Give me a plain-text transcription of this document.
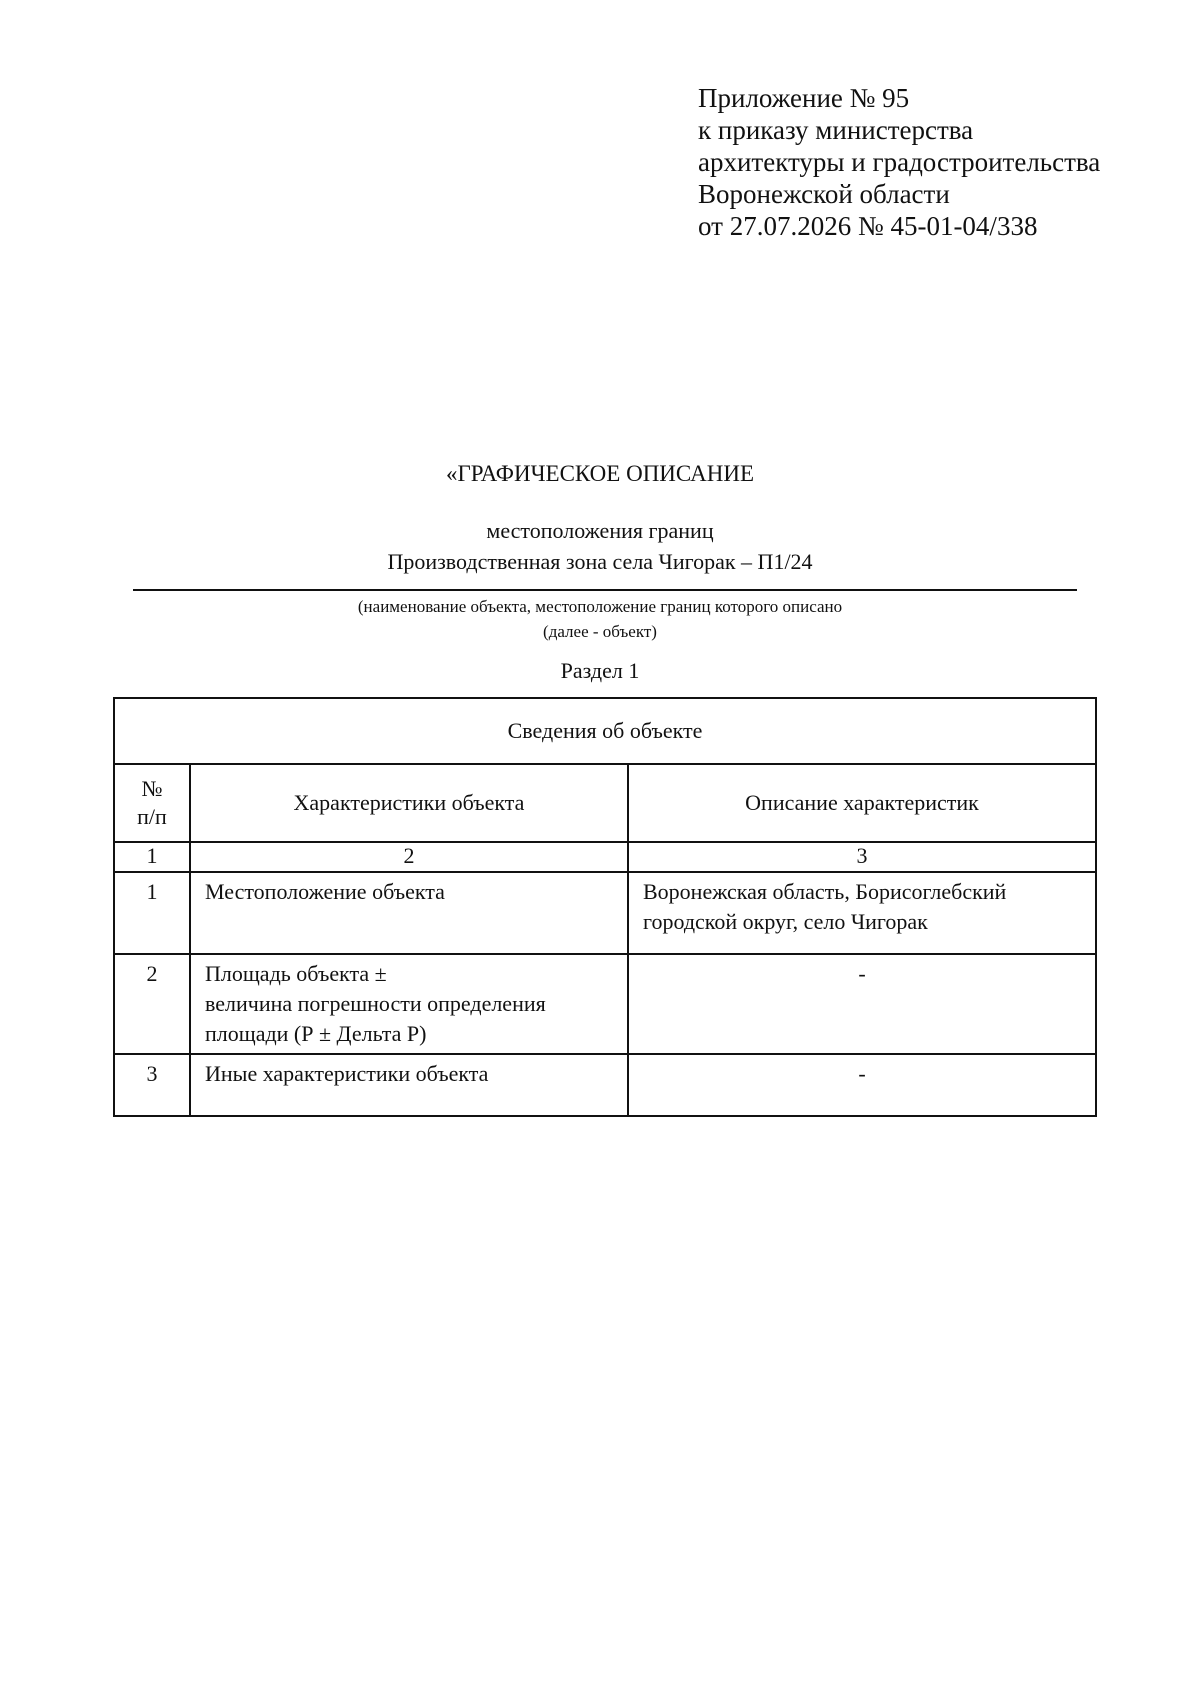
Приложение № 95
к приказу министерства
архитектуры и градостроительства
Воронежской области
от 27.07.2026 № 45-01-04/338
«ГРАФИЧЕСКОЕ ОПИСАНИЕ
местоположения границ
Производственная зона села Чигорак – П1/24
(наименование объекта, местоположение границ которого описано
(далее - объект)
Раздел 1
Сведения об объекте		

№
п/п	Характеристики объекта	Описание характеристик
1	2	3
1	Местоположение объекта	Воронежская область, Борисоглебский
городской округ, село Чигорак

2	Площадь объекта ±
величина погрешности определения
площади (Р ± Дельта Р)	-

3	Иные характеристики объекта	-
